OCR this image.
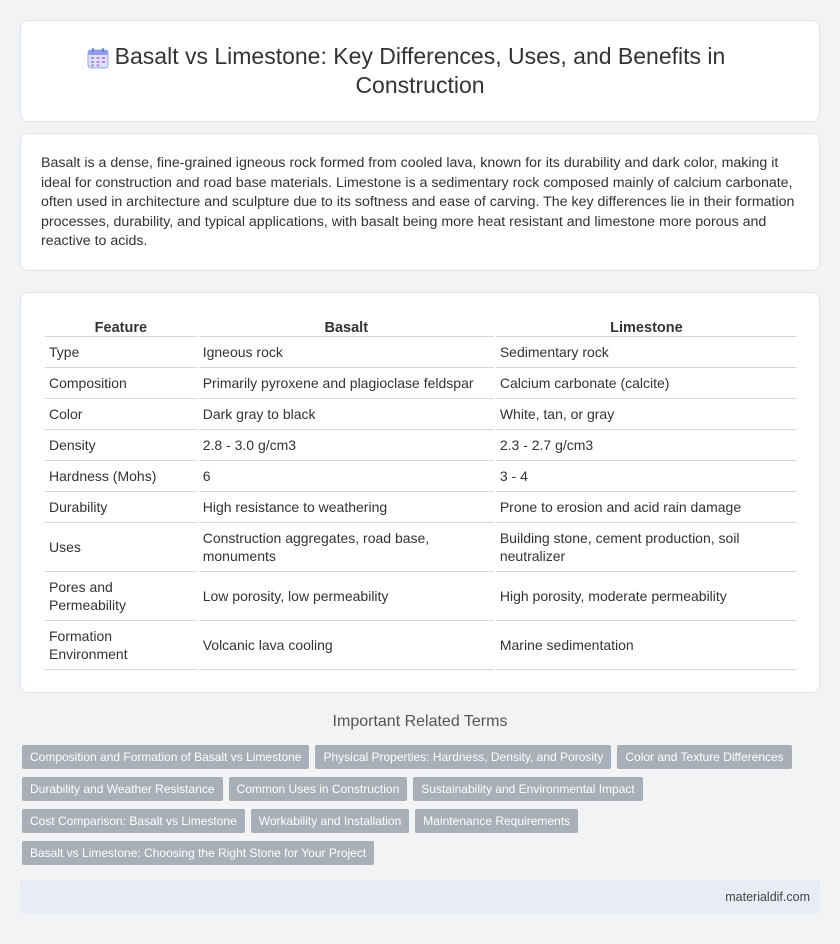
Basalt vs Limestone: Key Differences, Uses, and Benefits in Construction

Basalt is a dense, fine-grained igneous rock formed from cooled lava, known for its durability and dark color, making it ideal for construction and road base materials. Limestone is a sedimentary rock composed mainly of calcium carbonate, often used in architecture and sculpture due to its softness and ease of carving. The key differences lie in their formation processes, durability, and typical applications, with basalt being more heat resistant and limestone more porous and reactive to acids.

Feature	Basalt	Limestone
Type	Igneous rock	Sedimentary rock
Composition	Primarily pyroxene and plagioclase feldspar	Calcium carbonate (calcite)
Color	Dark gray to black	White, tan, or gray
Density	2.8 - 3.0 g/cm3	2.3 - 2.7 g/cm3
Hardness (Mohs)	6	3 - 4
Durability	High resistance to weathering	Prone to erosion and acid rain damage
Uses	Construction aggregates, road base, monuments	Building stone, cement production, soil neutralizer
Pores and Permeability	Low porosity, low permeability	High porosity, moderate permeability
Formation Environment	Volcanic lava cooling	Marine sedimentation
Important Related Terms
Composition and Formation of Basalt vs Limestone	Physical Properties: Hardness, Density, and Porosity	Color and Texture Differences
Durability and Weather Resistance	Common Uses in Construction	Sustainability and Environmental Impact
Cost Comparison: Basalt vs Limestone	Workability and Installation	Maintenance Requirements
Basalt vs Limestone: Choosing the Right Stone for Your Project
materialdif.com
